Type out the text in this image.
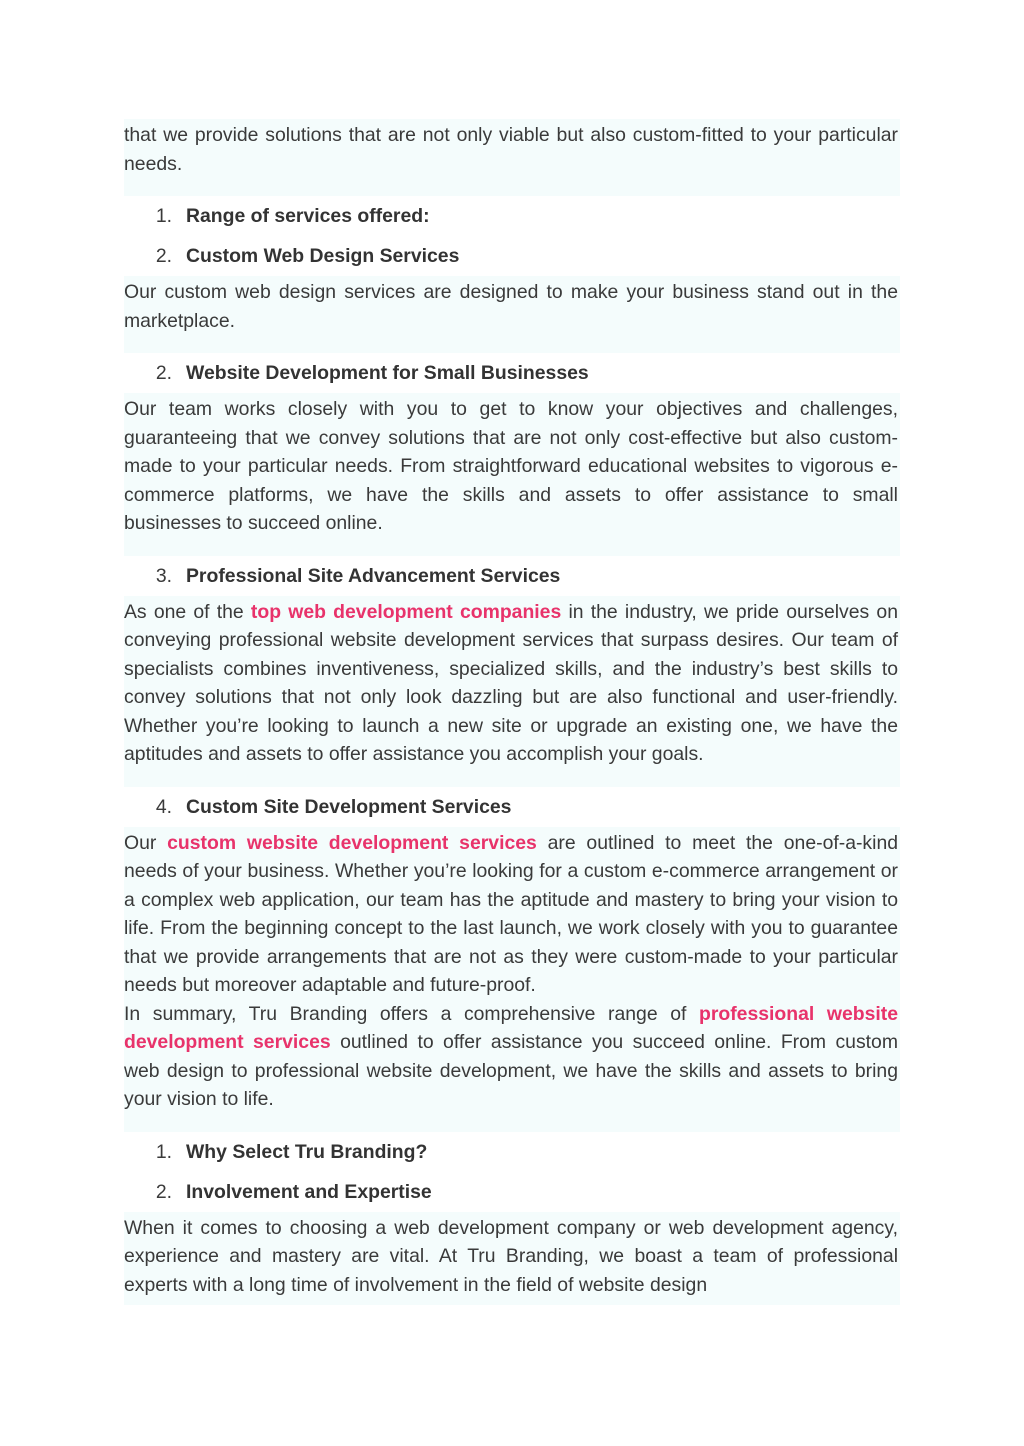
that we provide solutions that are not only viable but also custom-fitted to your particular needs.

1. Range of services offered:
2. Custom Web Design Services

Our custom web design services are designed to make your business stand out in the marketplace.

2. Website Development for Small Businesses

Our team works closely with you to get to know your objectives and challenges, guaranteeing that we convey solutions that are not only cost-effective but also custom-made to your particular needs. From straightforward educational websites to vigorous e-commerce platforms, we have the skills and assets to offer assistance to small businesses to succeed online.

3. Professional Site Advancement Services

As one of the top web development companies in the industry, we pride ourselves on conveying professional website development services that surpass desires. Our team of specialists combines inventiveness, specialized skills, and the industry’s best skills to convey solutions that not only look dazzling but are also functional and user-friendly. Whether you’re looking to launch a new site or upgrade an existing one, we have the aptitudes and assets to offer assistance you accomplish your goals.

4. Custom Site Development Services

Our custom website development services are outlined to meet the one-of-a-kind needs of your business. Whether you’re looking for a custom e-commerce arrangement or a complex web application, our team has the aptitude and mastery to bring your vision to life. From the beginning concept to the last launch, we work closely with you to guarantee that we provide arrangements that are not as they were custom-made to your particular needs but moreover adaptable and future-proof.

In summary, Tru Branding offers a comprehensive range of professional website development services outlined to offer assistance you succeed online. From custom web design to professional website development, we have the skills and assets to bring your vision to life.

1. Why Select Tru Branding?
2. Involvement and Expertise

When it comes to choosing a web development company or web development agency, experience and mastery are vital. At Tru Branding, we boast a team of professional experts with a long time of involvement in the field of website design
